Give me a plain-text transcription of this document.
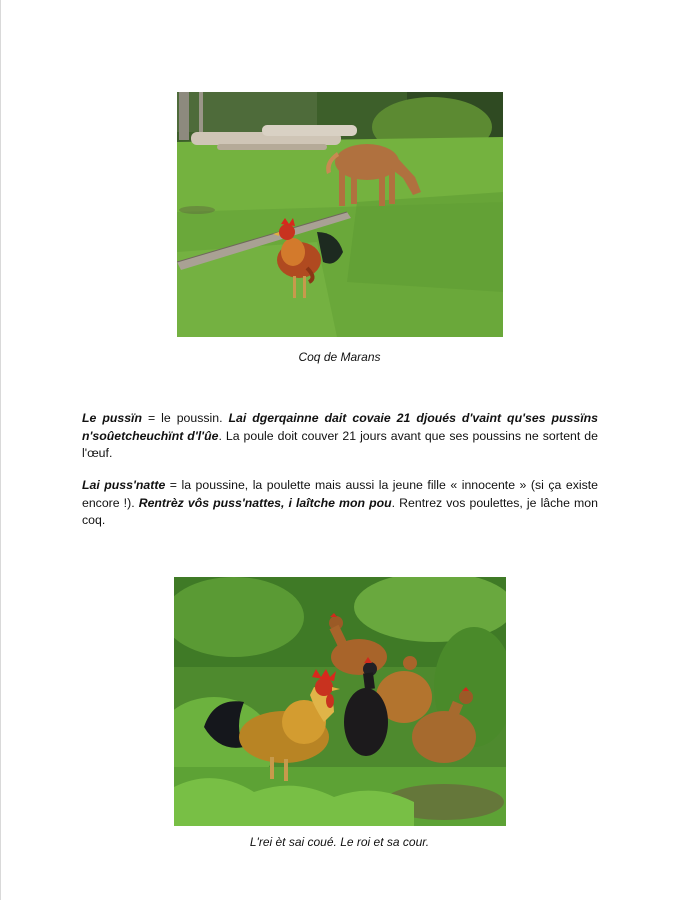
Coq de Marans

Le pussïn = le poussin. Lai dgerqainne dait covaie 21 djoués d'vaint qu'ses pussïns n'soûetcheuchïnt d'l'ûe. La poule doit couver 21 jours avant que ses poussins ne sortent de l'œuf.

Lai puss'natte = la poussine, la poulette mais aussi la jeune fille « innocente » (si ça existe encore !). Rentrèz vôs puss'nattes, i laîtche mon pou. Rentrez vos poulettes, je lâche mon coq.

L'rei èt sai coué. Le roi et sa cour.
